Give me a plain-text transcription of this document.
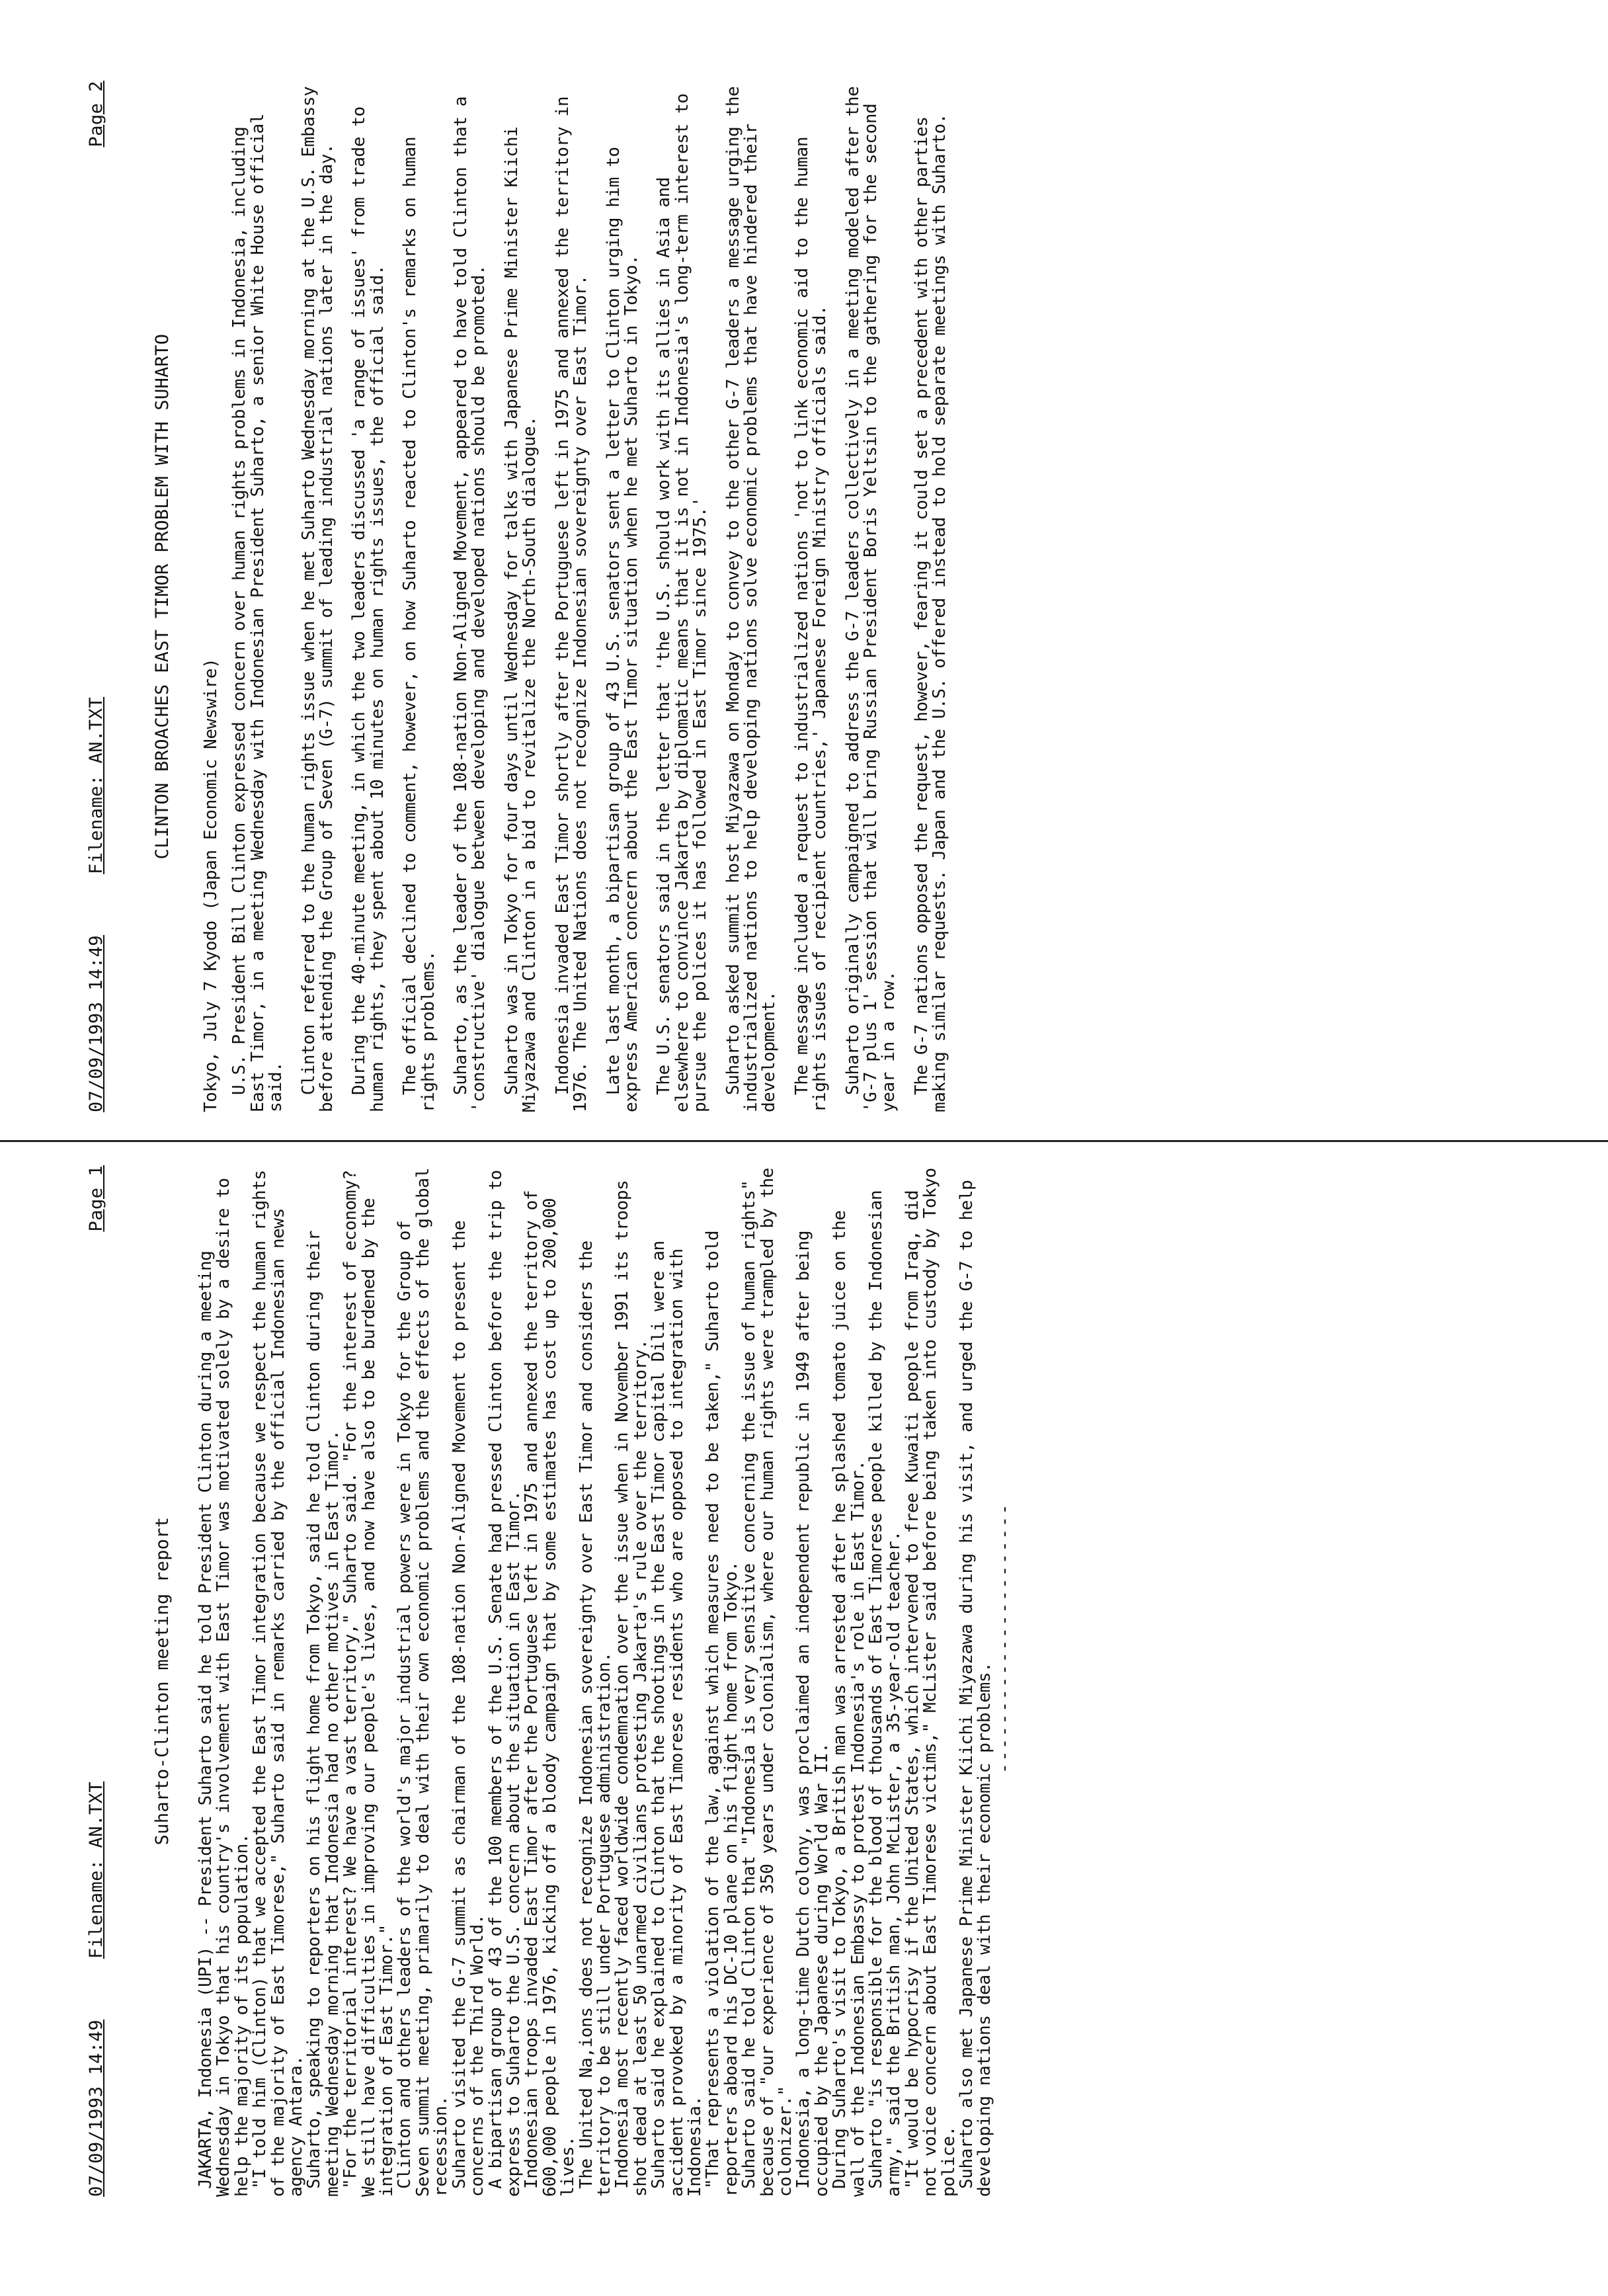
07/09/1993 14:49
Filename: AN.TXT
Page 1
Suharto-Clinton meeting report JAKARTA, Indonesia (UPI) -- President Suharto said he told President Clinton during a meeting Wednesday in Tokyo that his country's involvement with East Timor was motivated solely by a desire to help the majority of its population.

"I told him (Clinton) that we accepted the East Timor integration because we respect the human rights of the majority of East Timorese," Suharto said in remarks carried by the official Indonesian news agency Antara.

Suharto, speaking to reporters on his flight home from Tokyo, said he told Clinton during their meeting Wednesday morning that Indonesia had no other motives in East Timor.

"For the territorial interest? We have a vast territory," Suharto said. "For the interest of economy? We still have difficulties in improving our people's lives, and now have also to be burdened by the integration of East Timor."

Clinton and others leaders of the world's major industrial powers were in Tokyo for the Group of Seven summit meeting, primarily to deal with their own economic problems and the effects of the global recession.

Suharto visited the G-7 summit as chairman of the 108-nation Non-Aligned Movement to present the concerns of the Third World.

A bipartisan group of 43 of the 100 members of the U.S. Senate had pressed Clinton before the trip to express to Suharto the U.S. concern about the situation in East Timor.

Indonesian troops invaded East Timor after the Portuguese left in 1975 and annexed the territory of 600,000 people in 1976, kicking off a bloody campaign that by some estimates has cost up to 200,000 lives.

The United Na,ions does not recognize Indonesian sovereignty over East Timor and considers the territory to be still under Portuguese administration.

Indonesia most recently faced worldwide condemnation over the issue when in November 1991 its troops shot dead at least 50 unarmed civilians protesting Jakarta's rule over the territory.

Suharto said he explained to Clinton that the shootings in the East Timor capital Dili were an accident provoked by a minority of East Timorese residents who are opposed to integration with Indonesia.

"That represents a violation of the law, against which measures need to be taken," Suharto told reporters aboard his DC-10 plane on his flight home from Tokyo.

Suharto said he told Clinton that "Indonesia is very sensitive concerning the issue of human rights" because of "our experience of 350 years under colonialism, where our human rights were trampled by the colonizer."

Indonesia, a long-time Dutch colony, was proclaimed an independent republic in 1949 after being occupied by the Japanese during World War II.

During Suharto's visit to Tokyo, a British man was arrested after he splashed tomato juice on the wall of the Indonesian Embassy to protest Indonesia's role in East Timor.

Suharto "is responsible for the blood of thousands of East Timorese people killed by the Indonesian army," said the British man, John McLister, a 35-year-old teacher.

"It would be hypocrisy if the United States, which intervened to free Kuwaiti people from Iraq, did not voice concern about East Timorese victims," McLister said before being taken into custody by Tokyo police.

Suharto also met Japanese Prime Minister Kiichi Miyazawa during his visit, and urged the G-7 to help developing nations deal with their economic problems.

----------------------
07/09/1993 14:49
Filename: AN.TXT
Page 2
CLINTON BROACHES EAST TIMOR PROBLEM WITH SUHARTO

Tokyo, July 7 Kyodo (Japan Economic Newswire) U.S. President Bill Clinton expressed concern over human rights problems in Indonesia, including East Timor, in a meeting Wednesday with Indonesian President Suharto, a senior White House official said. Clinton referred to the human rights issue when he met Suharto Wednesday morning at the U.S. Embassy before attending the Group of Seven (G-7) summit of leading industrial nations later in the day. During the 40-minute meeting, in which the two leaders discussed 'a range of issues' from trade to human rights, they spent about 10 minutes on human rights issues, the official said. The official declined to comment, however, on how Suharto reacted to Clinton's remarks on human rights problems. Suharto, as the leader of the 108-nation Non-Aligned Movement, appeared to have told Clinton that a 'constructive' dialogue between developing and developed nations should be promoted. Suharto was in Tokyo for four days until Wednesday for talks with Japanese Prime Minister Kiichi Miyazawa and Clinton in a bid to revitalize the North-South dialogue. Indonesia invaded East Timor shortly after the Portuguese left in 1975 and annexed the territory in 1976. The United Nations does not recognize Indonesian sovereignty over East Timor. Late last month, a bipartisan group of 43 U.S. senators sent a letter to Clinton urging him to express American concern about the East Timor situation when he met Suharto in Tokyo. The U.S. senators said in the letter that 'the U.S. should work with its allies in Asia and elsewhere to convince Jakarta by diplomatic means that it is not in Indonesia's long-term interest to pursue the polices it has followed in East Timor since 1975.' Suharto asked summit host Miyazawa on Monday to convey to the other G-7 leaders a message urging the industrialized nations to help developing nations solve economic problems that have hindered their development. The message included a request to industrialized nations 'not to link economic aid to the human rights issues of recipient countries,' Japanese Foreign Ministry officials said. Suharto originally campaigned to address the G-7 leaders collectively in a meeting modeled after the 'G-7 plus 1' session that will bring Russian President Boris Yeltsin to the gathering for the second year in a row. The G-7 nations opposed the request, however, fearing it could set a precedent with other parties making similar requests. Japan and the U.S. offered instead to hold separate meetings with Suharto.
